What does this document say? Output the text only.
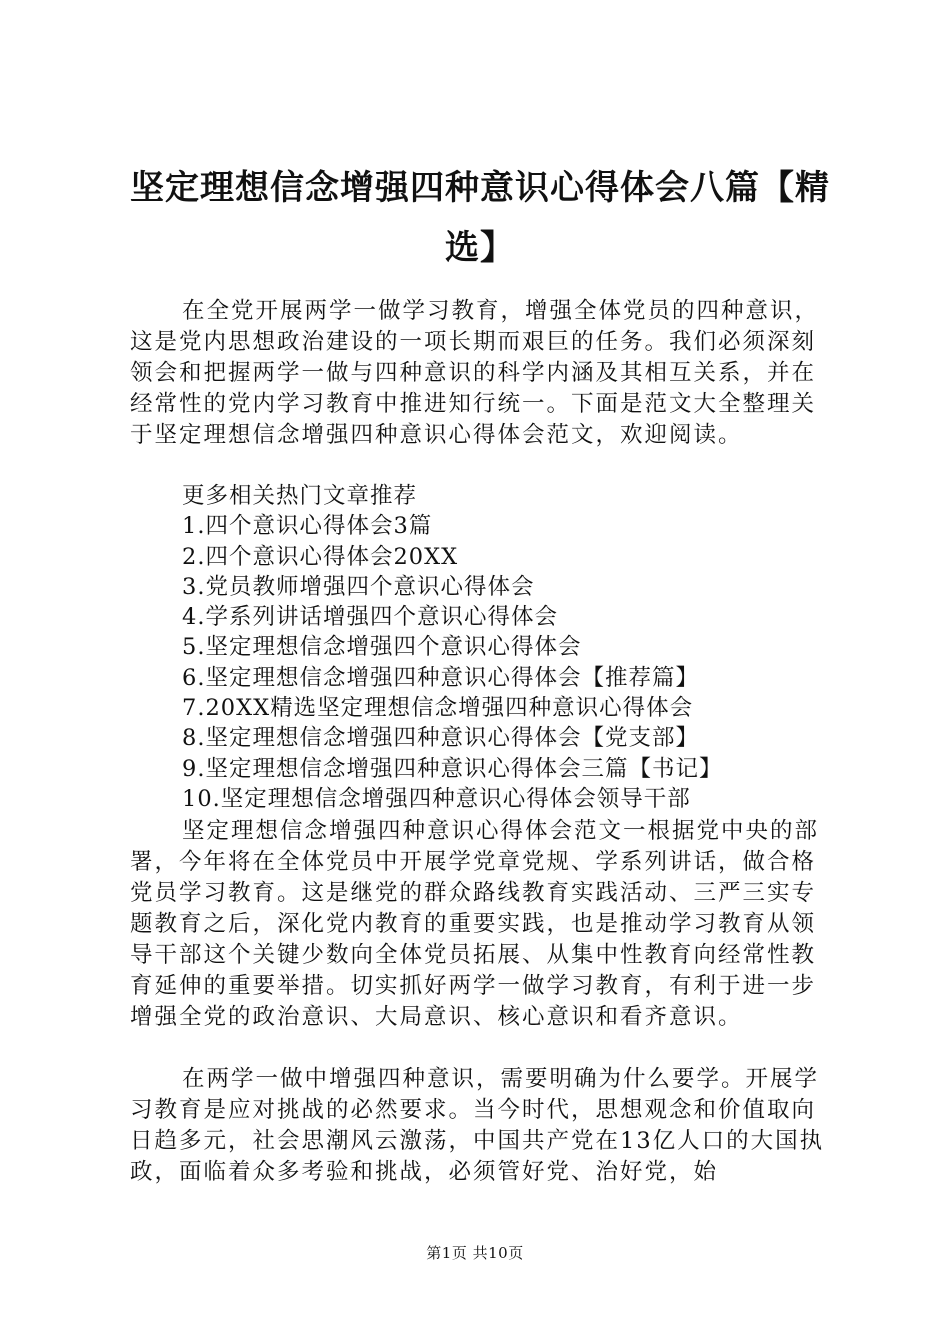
坚定理想信念增强四种意识心得体会八篇【精选】

在全党开展两学一做学习教育，增强全体党员的四种意识，这是党内思想政治建设的一项长期而艰巨的任务。我们必须深刻领会和把握两学一做与四种意识的科学内涵及其相互关系，并在经常性的党内学习教育中推进知行统一。下面是范文大全整理关于坚定理想信念增强四种意识心得体会范文，欢迎阅读。

更多相关热门文章推荐
1.四个意识心得体会3篇
2.四个意识心得体会20XX
3.党员教师增强四个意识心得体会
4.学系列讲话增强四个意识心得体会
5.坚定理想信念增强四个意识心得体会
6.坚定理想信念增强四种意识心得体会【推荐篇】
7.20XX精选坚定理想信念增强四种意识心得体会
8.坚定理想信念增强四种意识心得体会【党支部】
9.坚定理想信念增强四种意识心得体会三篇【书记】
10.坚定理想信念增强四种意识心得体会领导干部

坚定理想信念增强四种意识心得体会范文一根据党中央的部署，今年将在全体党员中开展学党章党规、学系列讲话，做合格党员学习教育。这是继党的群众路线教育实践活动、三严三实专题教育之后，深化党内教育的重要实践，也是推动学习教育从领导干部这个关键少数向全体党员拓展、从集中性教育向经常性教育延伸的重要举措。切实抓好两学一做学习教育，有利于进一步增强全党的政治意识、大局意识、核心意识和看齐意识。

在两学一做中增强四种意识，需要明确为什么要学。开展学习教育是应对挑战的必然要求。当今时代，思想观念和价值取向日趋多元，社会思潮风云激荡，中国共产党在13亿人口的大国执政，面临着众多考验和挑战，必须管好党、治好党，始

第1页 共10页
